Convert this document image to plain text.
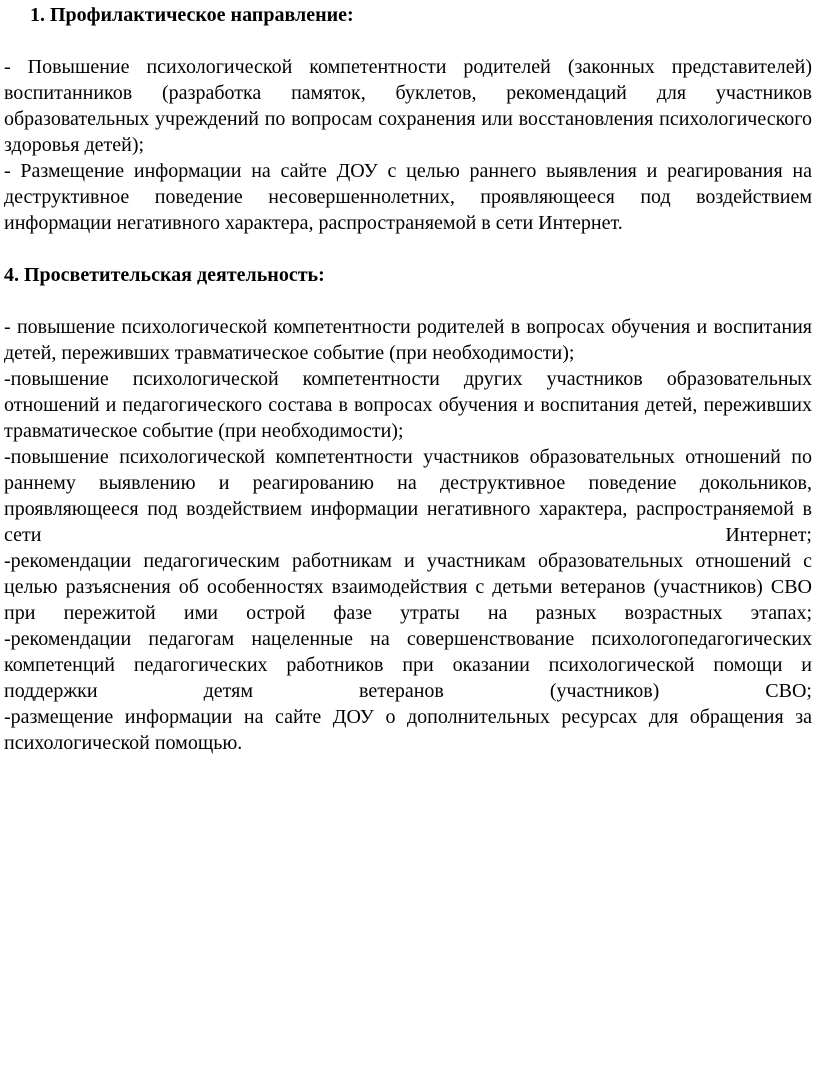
1. Профилактическое направление:

- Повышение психологической компетентности родителей (законных представителей) воспитанников (разработка памяток, буклетов, рекомендаций для участников образовательных учреждений по вопросам сохранения или восстановления психологического здоровья детей);

- Размещение информации на сайте ДОУ с целью раннего выявления и реагирования на деструктивное поведение несовершеннолетних, проявляющееся под воздействием информации негативного характера, распространяемой в сети Интернет.

4. Просветительская деятельность:

- повышение психологической компетентности родителей в вопросах обучения и воспитания детей, переживших травматическое событие (при необходимости);

-повышение психологической компетентности других участников образовательных отношений и педагогического состава в вопросах обучения и воспитания детей, переживших травматическое событие (при необходимости);

-повышение психологической компетентности участников образовательных отношений по раннему выявлению и реагированию на деструктивное поведение докольников, проявляющееся под воздействием информации негативного характера, распространяемой в сети Интернет;

-рекомендации педагогическим работникам и участникам образовательных отношений с целью разъяснения об особенностях взаимодействия с детьми ветеранов (участников) СВО при пережитой ими острой фазе утраты на разных возрастных этапах;

-рекомендации педагогам нацеленные на совершенствование психологопедагогических компетенций педагогических работников при оказании психологической помощи и поддержки детям ветеранов (участников) СВО;

-размещение информации на сайте ДОУ о дополнительных ресурсах для обращения за психологической помощью.
